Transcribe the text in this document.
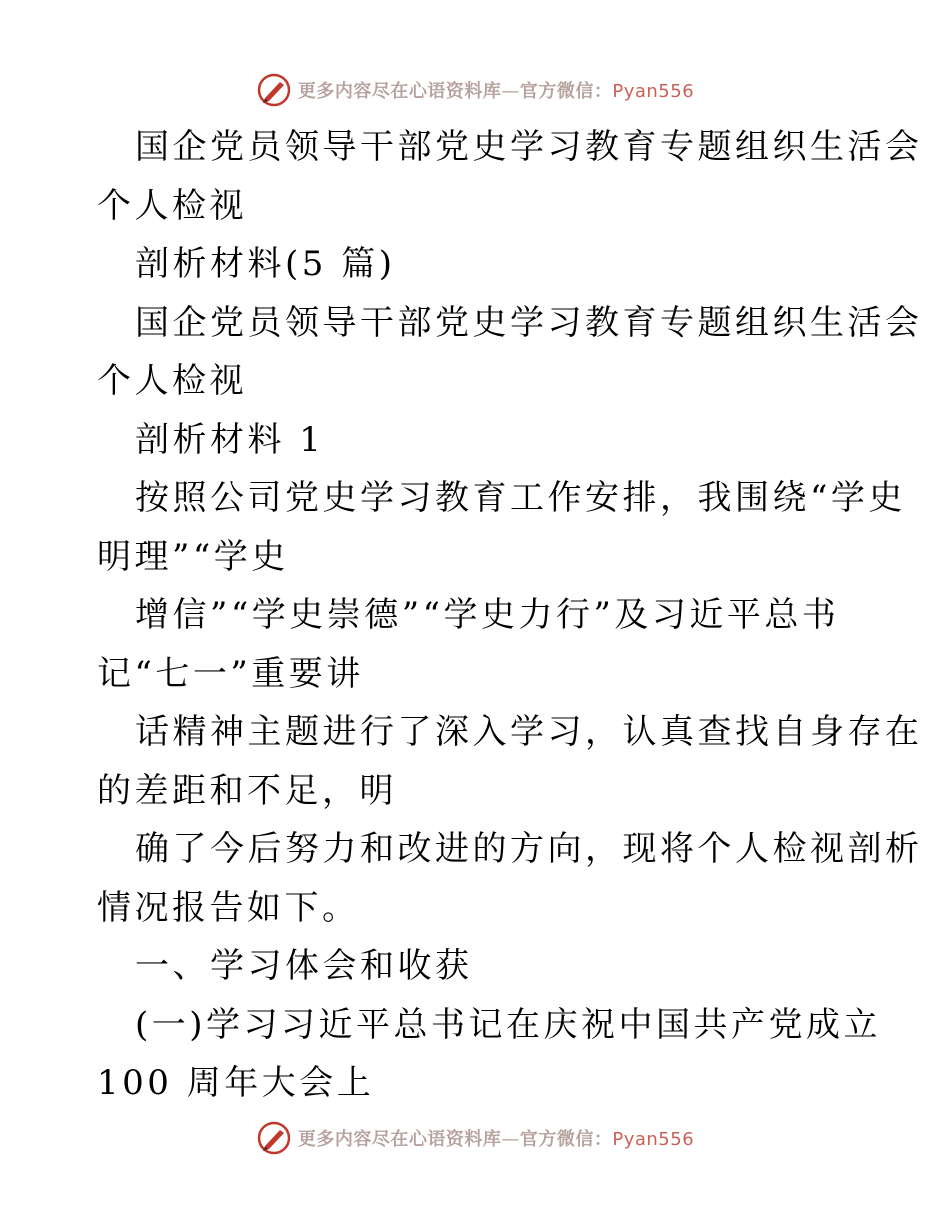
更多内容尽在心语资料库—官方微信：Pyan556
国企党员领导干部党史学习教育专题组织生活会
个人检视
剖析材料(5 篇)
国企党员领导干部党史学习教育专题组织生活会
个人检视
剖析材料 1
按照公司党史学习教育工作安排，我围绕“学史
明理”“学史
增信”“学史崇德”“学史力行”及习近平总书
记“七一”重要讲
话精神主题进行了深入学习，认真查找自身存在
的差距和不足，明
确了今后努力和改进的方向，现将个人检视剖析
情况报告如下。
一、学习体会和收获
(一)学习习近平总书记在庆祝中国共产党成立
100 周年大会上
更多内容尽在心语资料库—官方微信：Pyan556
